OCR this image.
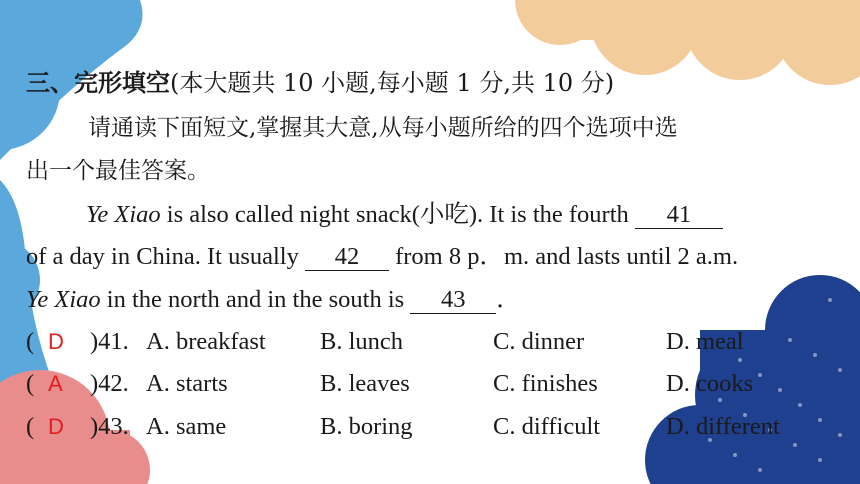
三、完形填空(本大题共 10 小题,每小题 1 分,共 10 分)
请通读下面短文,掌握其大意,从每小题所给的四个选项中选
出一个最佳答案。
Ye Xiao is also called night snack(小吃). It is the fourth 41
of a day in China. It usually 42 from 8 p．m. and lasts until 2 a.m.
Ye Xiao in the north and in the south is 43 ．
( D )41. A. breakfast B. lunch	C. dinner	D. meal
( A )42. A. starts	B. leaves	C. finishes	D. cooks
( D )43. A. same	B. boring	C. difficult	D. different
